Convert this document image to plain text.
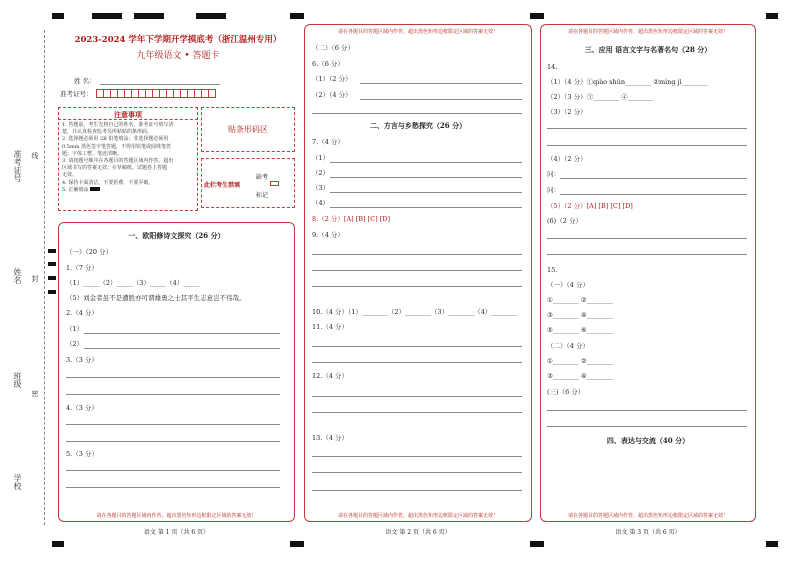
准考证号 线
姓名 封
班级
密
学校
2023-2024 学年下学期开学摸底考（浙江温州专用）
九年级语文 • 答题卡
姓 名：
准考证号：
注意事项
1. 答题前，考生先将自己的姓名，准考证号填写清
楚，并认真检查监考员所粘贴的条形码。
2. 选择题必须用 2B 铅笔填涂；非选择题必须用
0.5mm 黑色签字笔答题，不得用铅笔或圆珠笔答
题；字体工整、笔迹清晰。
3. 请按题号顺序在各题目的答题区域内作答，超出
区域书写的答案无效；在草稿纸、试题卷上答题
无效。
4. 保持卡面清洁，不要折叠、不要弄破。
5. 正确填涂
贴条形码区
此栏考生禁填
缺考
标记
一、欧阳修诗文探究（26 分）
（一）（20 分）
1.（7 分）
（1）_____（2）_____（3）_____（4）_____
（5）刘金者虽不是遭胜亦可谓雄勇之士其平生志意岂不伟哉。
2.（4 分）
（1）
（2）
3.（3 分）
4.（3 分）
5.（3 分）
请在各题目的答题区域内作答，超出黑色矩形边框限定区域的答案无效！
语文 第 1 页（共 6 页）
请在各题目的答题区域内作答，超出黑色矩形边框限定区域的答案无效！
（二）（6 分）
6.（6 分）
（1）（2 分）
（2）（4 分）
二、方言与乡愁探究（26 分）
7.（4 分）
（1）
（2）
（3）
（4）
8.（2 分）[A] [B] [C] [D]
9.（4 分）
10.（4 分）（1）________（2）________（3）________（4）________
11.（4 分）
12.（4 分）
13.（4 分）
请在各题目的答题区域内作答，超出黑色矩形边框限定区域的答案无效！
语文 第 2 页（共 6 页）
请在各题目的答题区域内作答，超出黑色矩形边框限定区域的答案无效！
三、应用 语言文字与名著名句（28 分）
14.
（1）（4 分）①qiào shǔn________ ②mìng jì________
（2）（3 分）③________ ④________
（3）（2 分）
（4）（2 分）
问：
问：
（5）（2 分）[A] [B] [C] [D]
(6)（2 分）
15.
（一）（4 分）
①________ ②________
③________ ④________
⑤________ ⑥________
（二）（4 分）
①________ ②________
③________ ④________
(三)（6 分）
四、表达与交流（40 分）
请在各题目的答题区域内作答，超出黑色矩形边框限定区域的答案无效！
语文 第 3 页（共 6 页）
